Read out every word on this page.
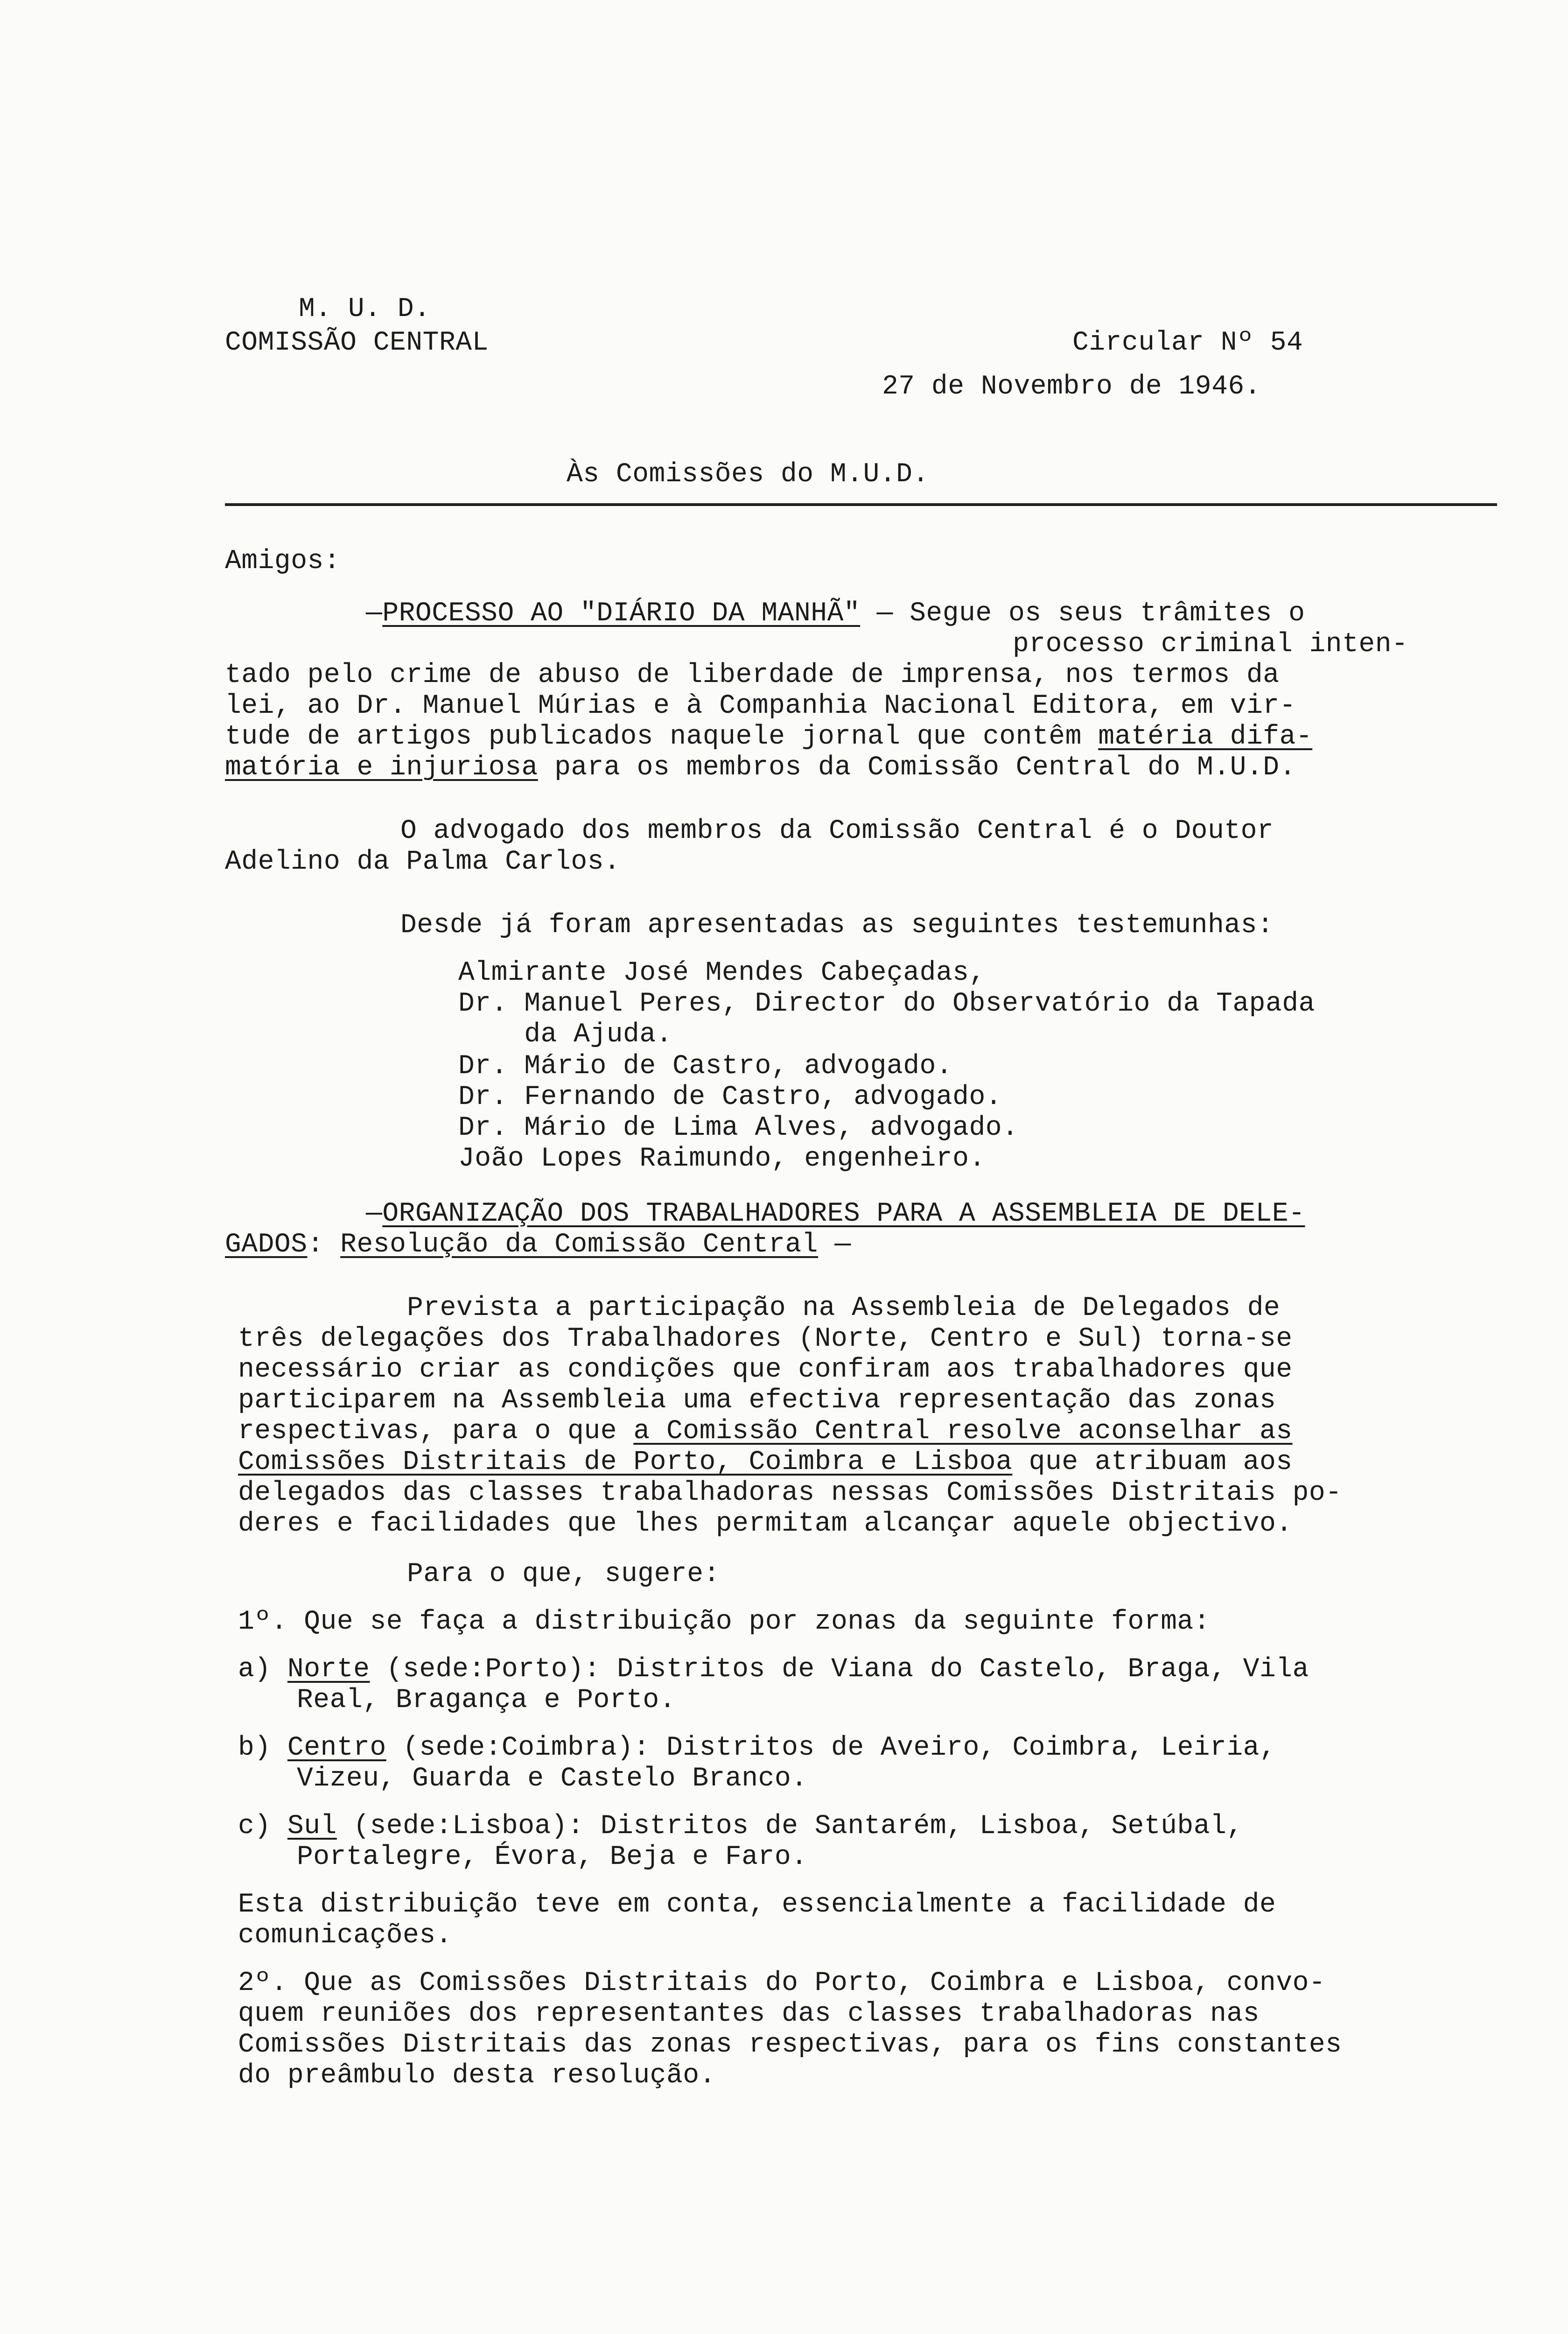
M. U. D.
COMISSÃO CENTRAL	Circular Nº 54
27 de Novembro de 1946.
Às Comissões do M.U.D.
Amigos:
—PROCESSO AO "DIÁRIO DA MANHÃ" — Segue os seus trâmites o
processo criminal inten-
tado pelo crime de abuso de liberdade de imprensa, nos termos da
lei, ao Dr. Manuel Múrias e à Companhia Nacional Editora, em vir-
tude de artigos publicados naquele jornal que contêm matéria difa-
matória e injuriosa para os membros da Comissão Central do M.U.D.
O advogado dos membros da Comissão Central é o Doutor
Adelino da Palma Carlos.
Desde já foram apresentadas as seguintes testemunhas:
Almirante José Mendes Cabeçadas,
Dr. Manuel Peres, Director do Observatório da Tapada
da Ajuda.
Dr. Mário de Castro, advogado.
Dr. Fernando de Castro, advogado.
Dr. Mário de Lima Alves, advogado.
João Lopes Raimundo, engenheiro.
—ORGANIZAÇÃO DOS TRABALHADORES PARA A ASSEMBLEIA DE DELE-
GADOS: Resolução da Comissão Central —
Prevista a participação na Assembleia de Delegados de
três delegações dos Trabalhadores (Norte, Centro e Sul) torna-se
necessário criar as condições que confiram aos trabalhadores que
participarem na Assembleia uma efectiva representação das zonas
respectivas, para o que a Comissão Central resolve aconselhar as
Comissões Distritais de Porto, Coimbra e Lisboa que atribuam aos
delegados das classes trabalhadoras nessas Comissões Distritais po-
deres e facilidades que lhes permitam alcançar aquele objectivo.
Para o que, sugere:
1º. Que se faça a distribuição por zonas da seguinte forma:
a) Norte (sede:Porto): Distritos de Viana do Castelo, Braga, Vila
Real, Bragança e Porto.
b) Centro (sede:Coimbra): Distritos de Aveiro, Coimbra, Leiria,
Vizeu, Guarda e Castelo Branco.
c) Sul (sede:Lisboa): Distritos de Santarém, Lisboa, Setúbal,
Portalegre, Évora, Beja e Faro.
Esta distribuição teve em conta, essencialmente a facilidade de
comunicações.
2º. Que as Comissões Distritais do Porto, Coimbra e Lisboa, convo-
quem reuniões dos representantes das classes trabalhadoras nas
Comissões Distritais das zonas respectivas, para os fins constantes
do preâmbulo desta resolução.
